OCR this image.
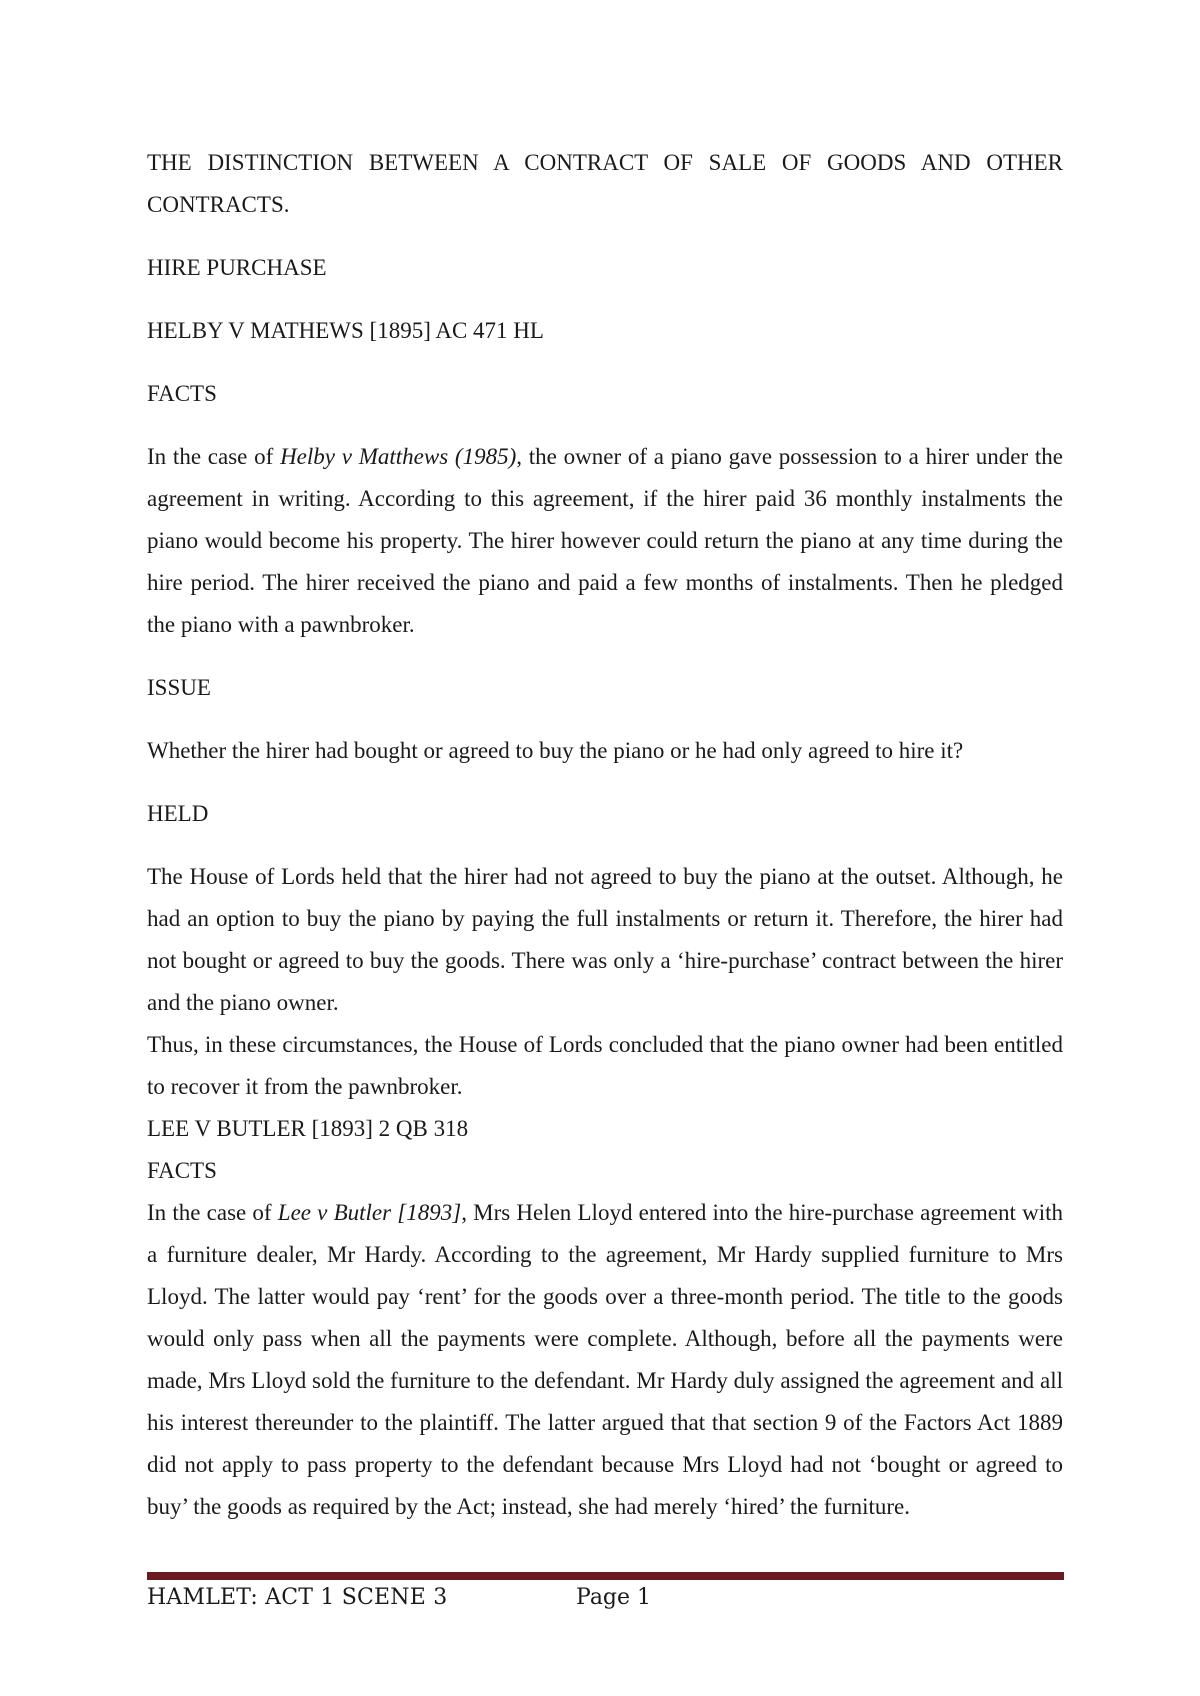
THE DISTINCTION BETWEEN A CONTRACT OF SALE OF GOODS AND OTHER CONTRACTS.

HIRE PURCHASE

HELBY V MATHEWS [1895] AC 471 HL

FACTS

In the case of Helby v Matthews (1985), the owner of a piano gave possession to a hirer under the agreement in writing. According to this agreement, if the hirer paid 36 monthly instalments the piano would become his property. The hirer however could return the piano at any time during the hire period. The hirer received the piano and paid a few months of instalments. Then he pledged the piano with a pawnbroker.

ISSUE

Whether the hirer had bought or agreed to buy the piano or he had only agreed to hire it?

HELD

The House of Lords held that the hirer had not agreed to buy the piano at the outset. Although, he had an option to buy the piano by paying the full instalments or return it. Therefore, the hirer had not bought or agreed to buy the goods. There was only a ‘hire-purchase’ contract between the hirer and the piano owner.

Thus, in these circumstances, the House of Lords concluded that the piano owner had been entitled to recover it from the pawnbroker.

LEE V BUTLER [1893] 2 QB 318

FACTS

In the case of Lee v Butler [1893], Mrs Helen Lloyd entered into the hire-purchase agreement with a furniture dealer, Mr Hardy. According to the agreement, Mr Hardy supplied furniture to Mrs Lloyd. The latter would pay ‘rent’ for the goods over a three-month period. The title to the goods would only pass when all the payments were complete. Although, before all the payments were made, Mrs Lloyd sold the furniture to the defendant. Mr Hardy duly assigned the agreement and all his interest thereunder to the plaintiff. The latter argued that that section 9 of the Factors Act 1889 did not apply to pass property to the defendant because Mrs Lloyd had not ‘bought or agreed to buy’ the goods as required by the Act; instead, she had merely ‘hired’ the furniture.

HAMLET: ACT 1 SCENE 3	Page 1
